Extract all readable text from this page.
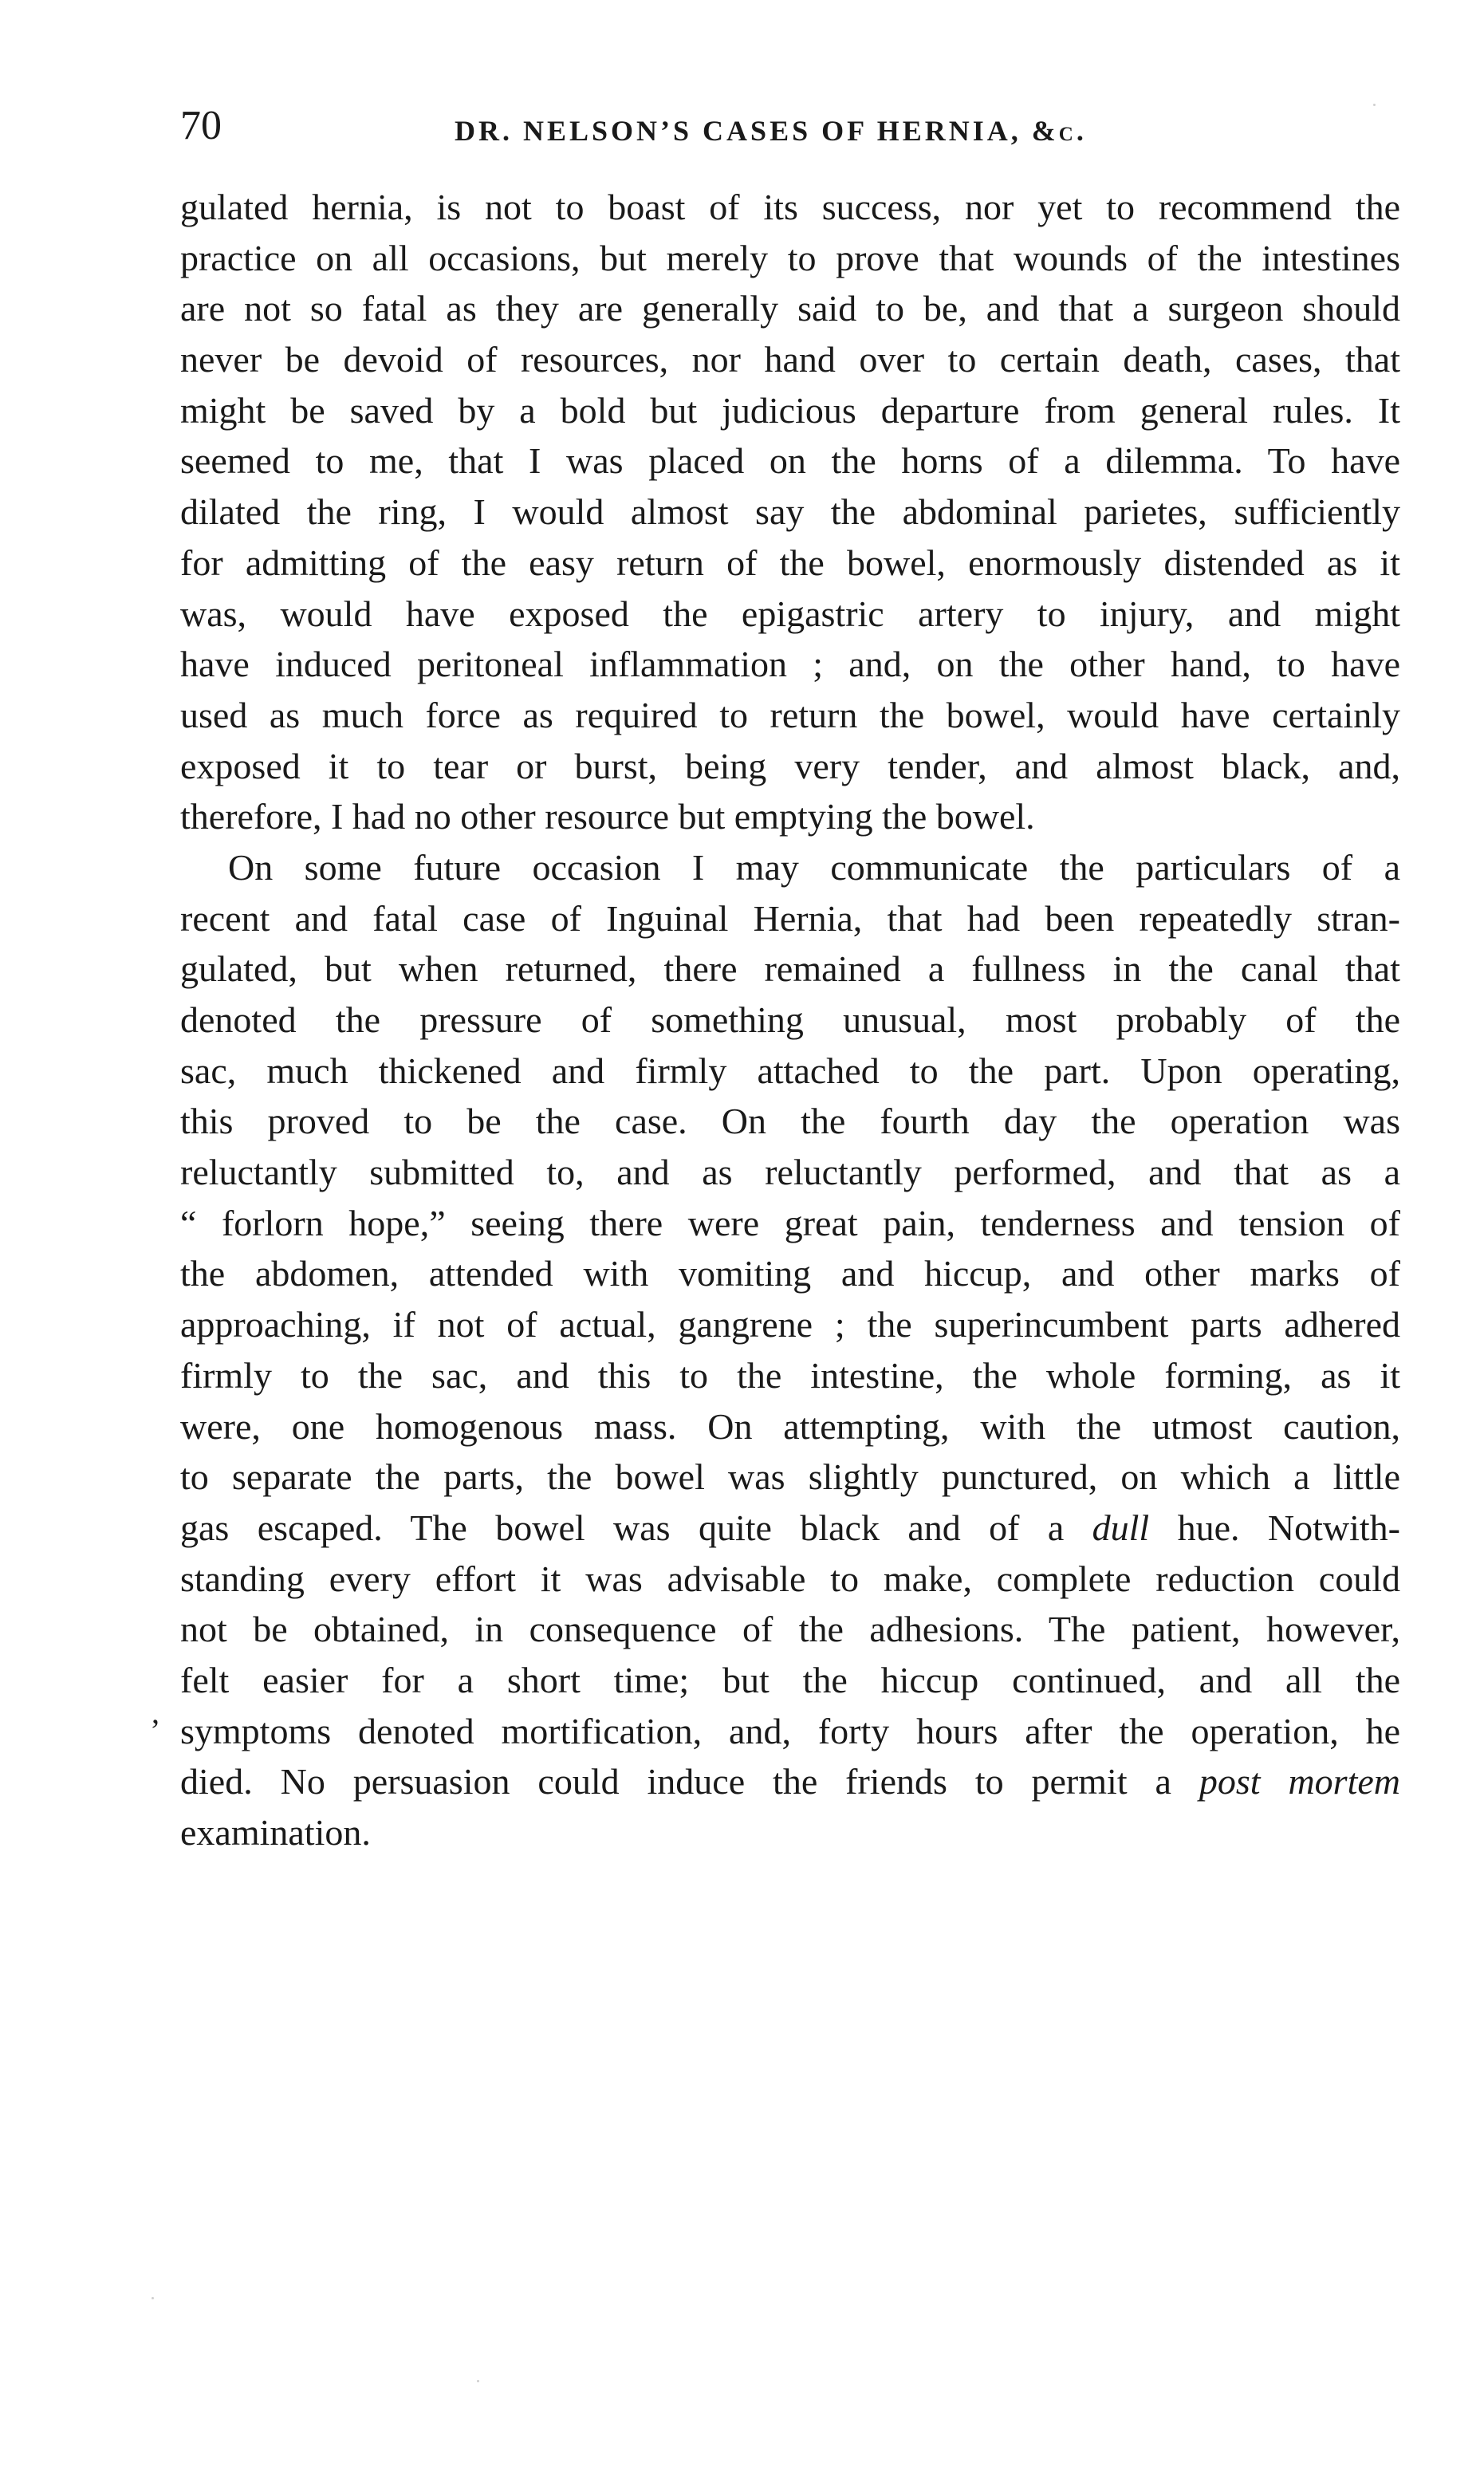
70	DR. NELSON’S CASES OF HERNIA, &c.
’
gulated hernia, is not to boast of its success, nor yet to recommend the
practice on all occasions, but merely to prove that wounds of the intestines
are not so fatal as they are generally said to be, and that a surgeon should
never be devoid of resources, nor hand over to certain death, cases, that
might be saved by a bold but judicious departure from general rules. It
seemed to me, that I was placed on the horns of a dilemma. To have
dilated the ring, I would almost say the abdominal parietes, sufficiently
for admitting of the easy return of the bowel, enormously distended as it
was, would have exposed the epigastric artery to injury, and might
have induced peritoneal inflammation ; and, on the other hand, to have
used as much force as required to return the bowel, would have certainly
exposed it to tear or burst, being very tender, and almost black, and,
therefore, I had no other resource but emptying the bowel.
On some future occasion I may communicate the particulars of a
recent and fatal case of Inguinal Hernia, that had been repeatedly stran-
gulated, but when returned, there remained a fullness in the canal that
denoted the pressure of something unusual, most probably of the
sac, much thickened and firmly attached to the part. Upon operating,
this proved to be the case. On the fourth day the operation was
reluctantly submitted to, and as reluctantly performed, and that as a
“ forlorn hope,” seeing there were great pain, tenderness and tension of
the abdomen, attended with vomiting and hiccup, and other marks of
approaching, if not of actual, gangrene ; the superincumbent parts adhered
firmly to the sac, and this to the intestine, the whole forming, as it
were, one homogenous mass. On attempting, with the utmost caution,
to separate the parts, the bowel was slightly punctured, on which a little
gas escaped. The bowel was quite black and of a dull hue. Notwith-
standing every effort it was advisable to make, complete reduction could
not be obtained, in consequence of the adhesions. The patient, however,
felt easier for a short time; but the hiccup continued, and all the
symptoms denoted mortification, and, forty hours after the operation, he
died. No persuasion could induce the friends to permit a post mortem
examination.
